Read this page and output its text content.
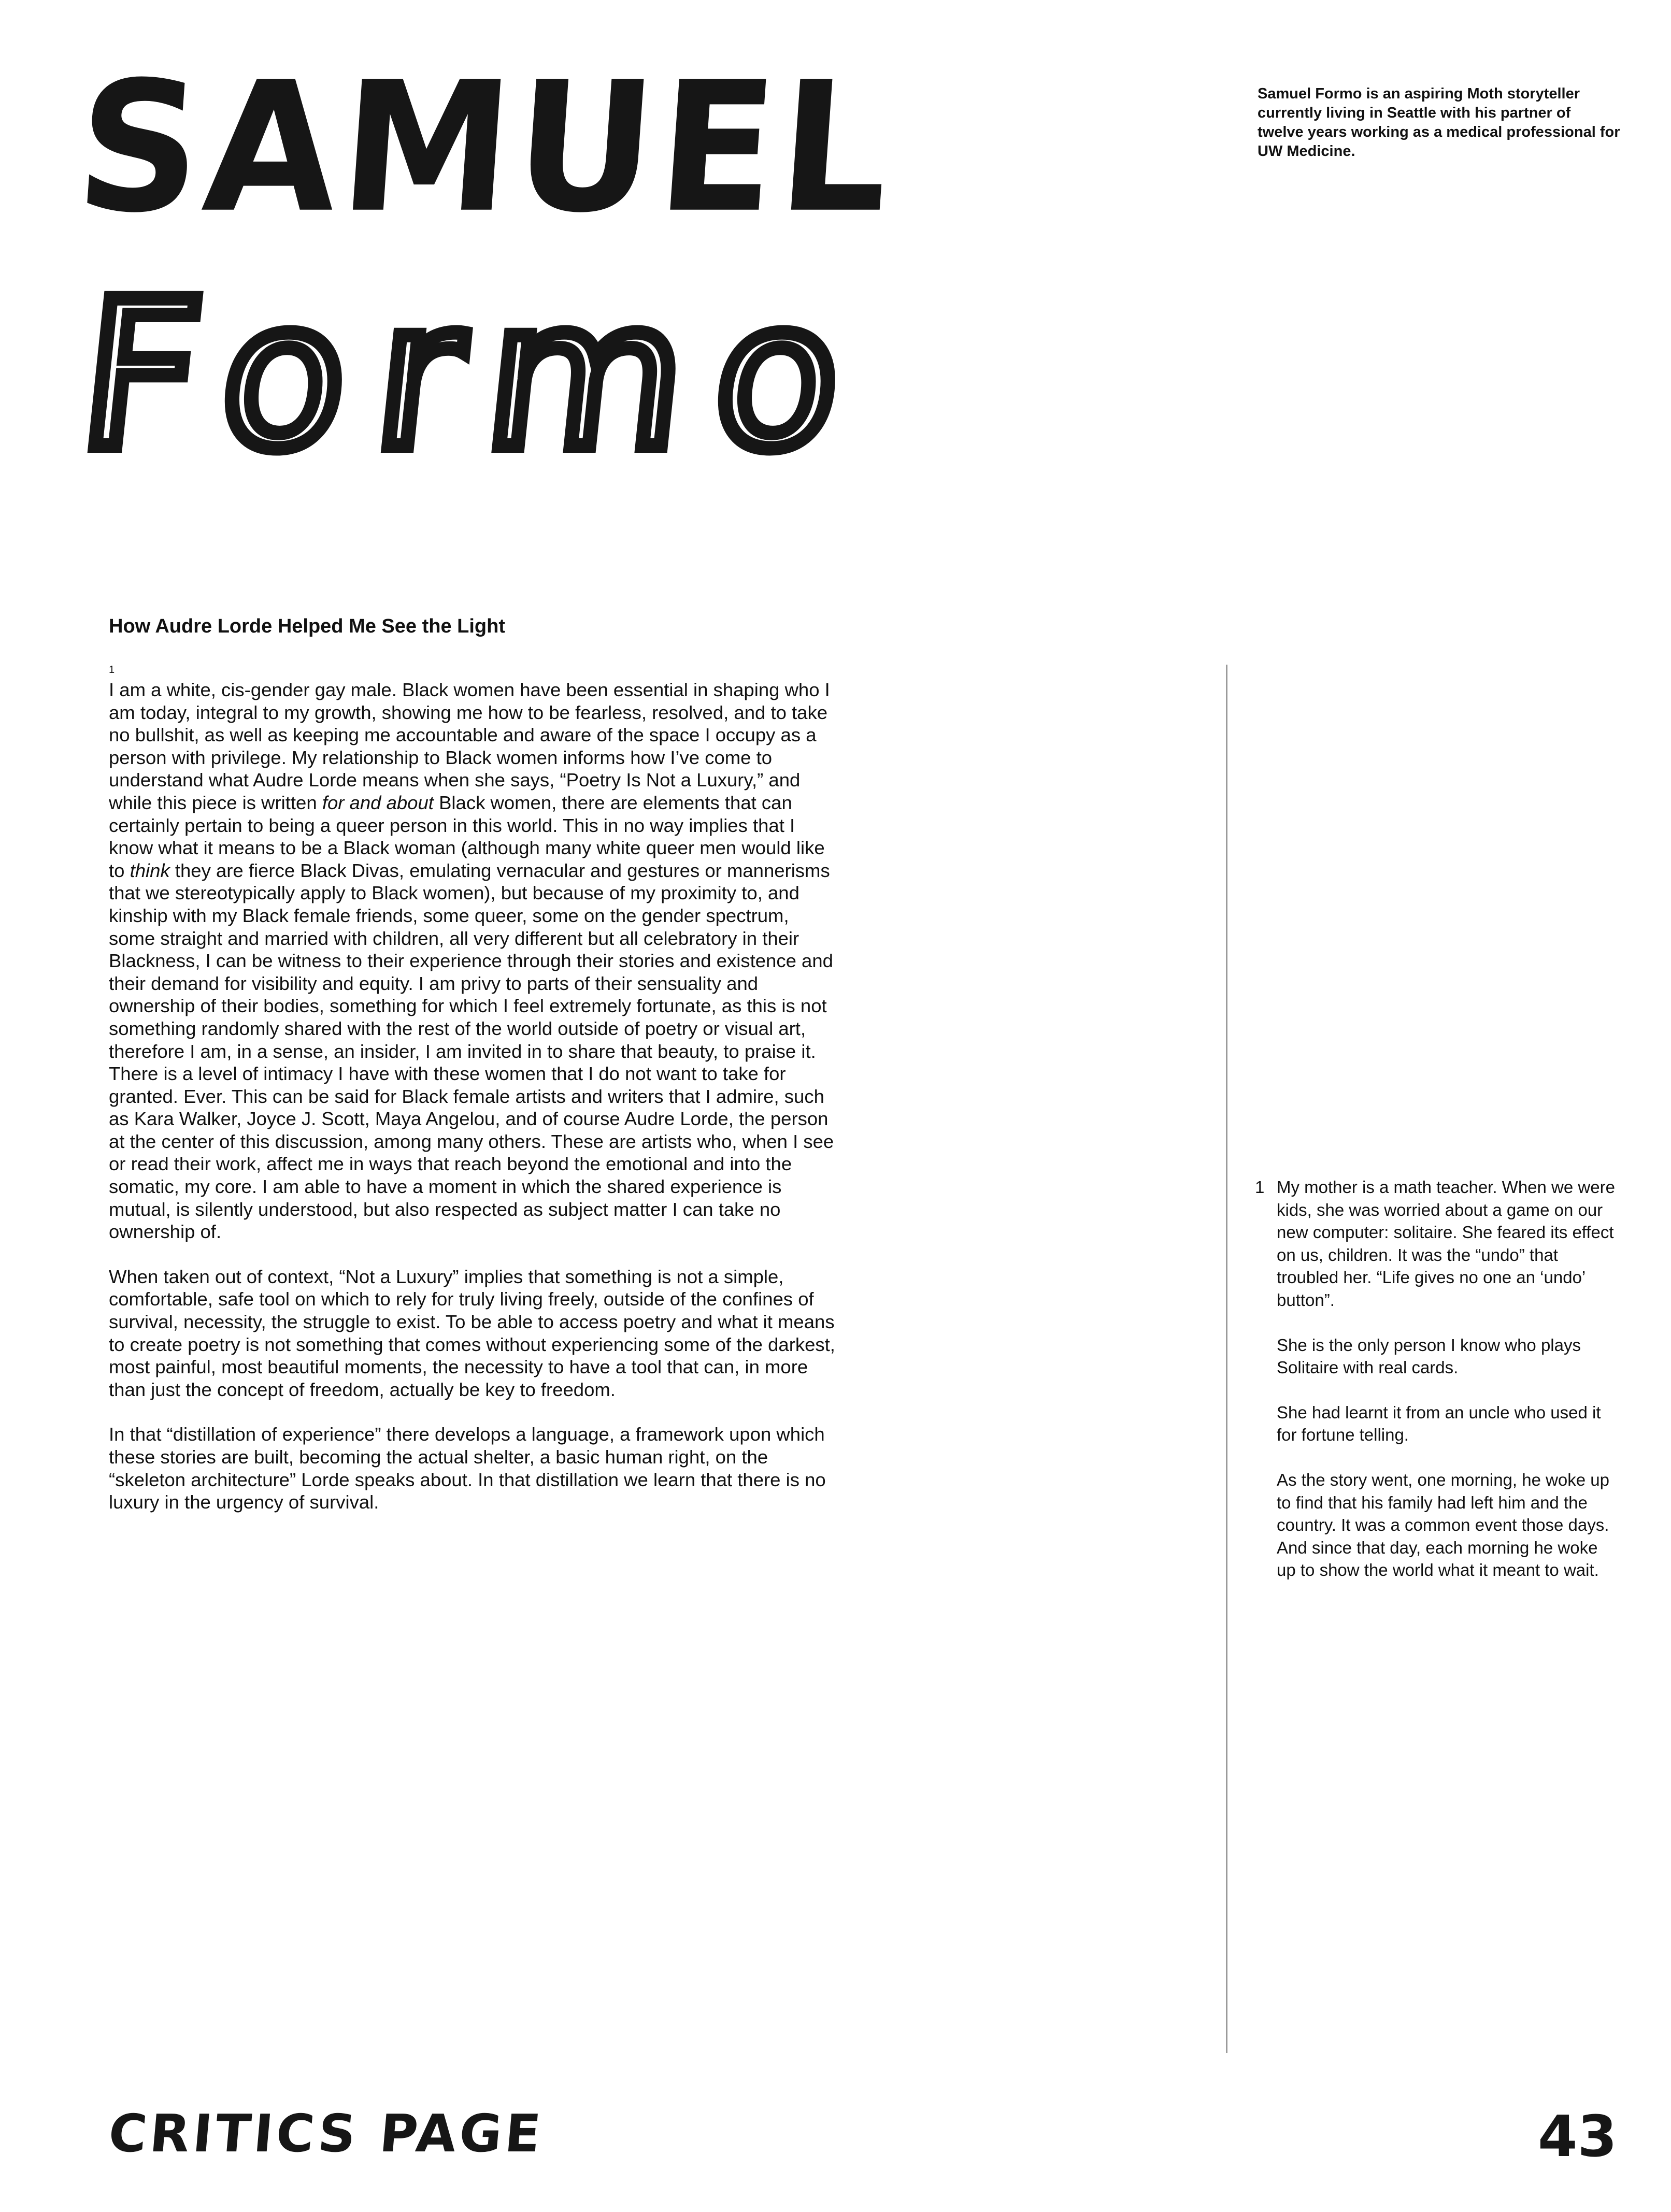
SAMUEL
Formo
Samuel Formo is an aspiring Moth storyteller currently living in Seattle with his partner of twelve years working as a medical professional for UW Medicine.
How Audre Lorde Helped Me See the Light
1

I am a white, cis-gender gay male. Black women have been essential in shaping who I am today, integral to my growth, showing me how to be fearless, resolved, and to take no bullshit, as well as keeping me accountable and aware of the space I occupy as a person with privilege. My relationship to Black women informs how I’ve come to understand what Audre Lorde means when she says, “Poetry Is Not a Luxury,” and while this piece is written for and about Black women, there are elements that can certainly pertain to being a queer person in this world. This in no way implies that I know what it means to be a Black woman (although many white queer men would like to think they are fierce Black Divas, emulating vernacular and gestures or mannerisms that we stereotypically apply to Black women), but because of my proximity to, and kinship with my Black female friends, some queer, some on the gender spectrum, some straight and married with children, all very different but all celebratory in their Blackness, I can be witness to their experience through their stories and existence and their demand for visibility and equity. I am privy to parts of their sensuality and ownership of their bodies, something for which I feel extremely fortunate, as this is not something randomly shared with the rest of the world outside of poetry or visual art, therefore I am, in a sense, an insider, I am invited in to share that beauty, to praise it. There is a level of intimacy I have with these women that I do not want to take for granted. Ever. This can be said for Black female artists and writers that I admire, such as Kara Walker, Joyce J. Scott, Maya Angelou, and of course Audre Lorde, the person at the center of this discussion, among many others. These are artists who, when I see or read their work, affect me in ways that reach beyond the emotional and into the somatic, my core. I am able to have a moment in which the shared experience is mutual, is silently understood, but also respected as subject matter I can take no ownership of.

When taken out of context, “Not a Luxury” implies that something is not a simple, comfortable, safe tool on which to rely for truly living freely, outside of the confines of survival, necessity, the struggle to exist. To be able to access poetry and what it means to create poetry is not something that comes without experiencing some of the darkest, most painful, most beautiful moments, the necessity to have a tool that can, in more than just the concept of freedom, actually be key to freedom.

In that “distillation of experience” there develops a language, a framework upon which these stories are built, becoming the actual shelter, a basic human right, on the “skeleton architecture” Lorde speaks about. In that distillation we learn that there is no luxury in the urgency of survival.

1 My mother is a math teacher. When we were kids, she was worried about a game on our new computer: solitaire. She feared its effect on us, children. It was the “undo” that troubled her. “Life gives no one an ‘undo’ button”.

She is the only person I know who plays Solitaire with real cards.

She had learnt it from an uncle who used it for fortune telling.

As the story went, one morning, he woke up to find that his family had left him and the country. It was a common event those days. And since that day, each morning he woke up to show the world what it meant to wait.

CRITICS PAGE	43
